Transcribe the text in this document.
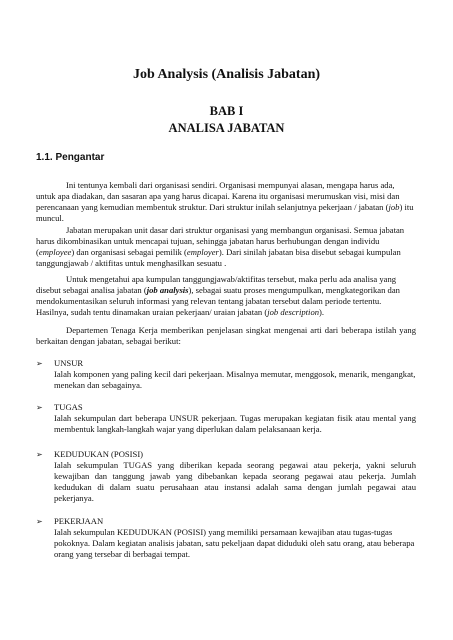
Job Analysis (Analisis Jabatan)
BAB I
ANALISA JABATAN
1.1. Pengantar

Ini tentunya kembali dari organisasi sendiri. Organisasi mempunyai alasan, mengapa harus ada, untuk apa diadakan, dan sasaran apa yang harus dicapai. Karena itu organisasi merumuskan visi, misi dan perencanaan yang kemudian membentuk struktur. Dari struktur inilah selanjutnya pekerjaan / jabatan (job) itu muncul.

Jabatan merupakan unit dasar dari struktur organisasi yang membangun organisasi. Semua jabatan harus dikombinasikan untuk mencapai tujuan, sehingga jabatan harus berhubungan dengan individu (employee) dan organisasi sebagai pemilik (employer). Dari sinilah jabatan bisa disebut sebagai kumpulan tanggungjawab / aktifitas untuk menghasilkan sesuatu .

Untuk mengetahui apa kumpulan tanggungjawab/aktifitas tersebut, maka perlu ada analisa yang disebut sebagai analisa jabatan (job analysis), sebagai suatu proses mengumpulkan, mengkategorikan dan mendokumentasikan seluruh informasi yang relevan tentang jabatan tersebut dalam periode tertentu. Hasilnya, sudah tentu dinamakan uraian pekerjaan/ uraian jabatan (job description).

Departemen Tenaga Kerja memberikan penjelasan singkat mengenai arti dari beberapa istilah yang berkaitan dengan jabatan, sebagai berikut:

➢	UNSUR

Ialah komponen yang paling kecil dari pekerjaan. Misalnya memutar, menggosok, menarik, mengangkat, menekan dan sebagainya.

➢	TUGAS

Ialah sekumpulan dart beberapa UNSUR pekerjaan. Tugas merupakan kegiatan fisik atau mental yang membentuk langkah-langkah wajar yang diperlukan dalam pelaksanaan kerja.

➢	KEDUDUKAN (POSISI)

Ialah sekumpulan TUGAS yang diberikan kepada seorang pegawai atau pekerja, yakni seluruh kewajiban dan tanggung jawab yang dibebankan kepada seorang pegawai atau pekerja. Jumlah kedudukan di dalam suatu perusahaan atau instansi adalah sama dengan jumlah pegawai atau pekerjanya.

➢	PEKERJAAN

Ialah sekumpulan KEDUDUKAN (POSISI) yang memiliki persamaan kewajiban atau tugas-tugas pokoknya. Dalam kegiatan analisis jabatan, satu pekeljaan dapat diduduki oleh satu orang, atau beberapa orang yang tersebar di berbagai tempat.
